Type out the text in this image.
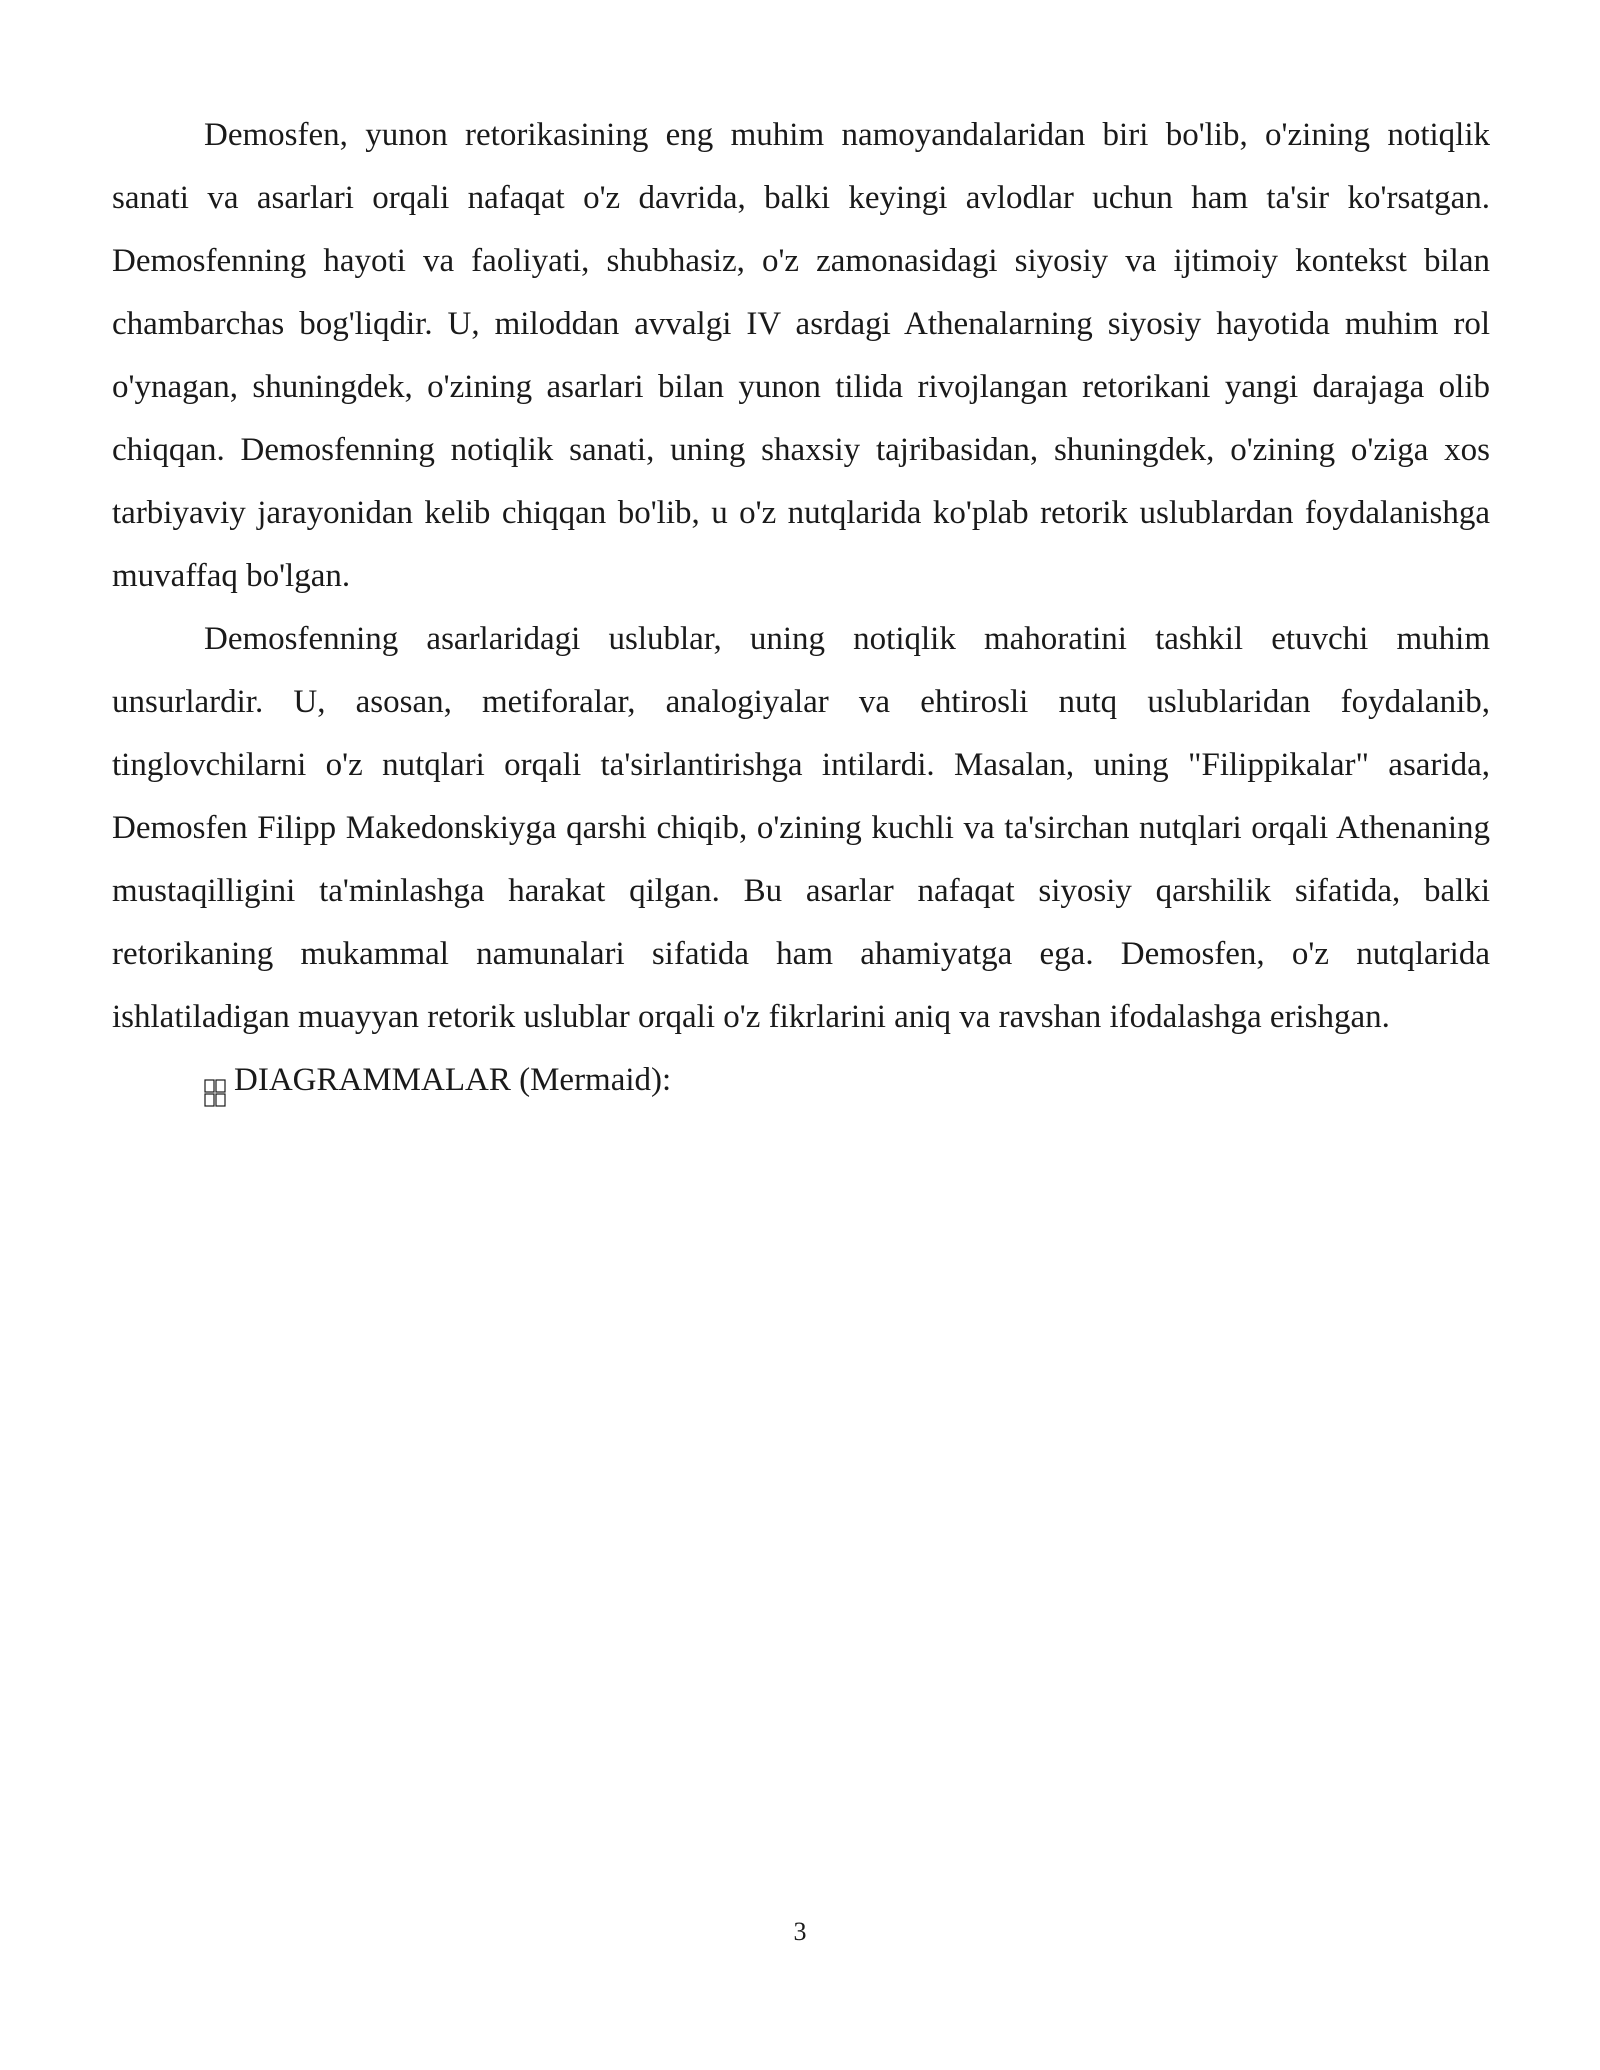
Demosfen, yunon retorikasining eng muhim namoyandalaridan biri bo'lib, o'zining notiqlik sanati va asarlari orqali nafaqat o'z davrida, balki keyingi avlodlar uchun ham ta'sir ko'rsatgan. Demosfenning hayoti va faoliyati, shubhasiz, o'z zamonasidagi siyosiy va ijtimoiy kontekst bilan chambarchas bog'liqdir. U, miloddan avvalgi IV asrdagi Athenalarning siyosiy hayotida muhim rol o'ynagan, shuningdek, o'zining asarlari bilan yunon tilida rivojlangan retorikani yangi darajaga olib chiqqan. Demosfenning notiqlik sanati, uning shaxsiy tajribasidan, shuningdek, o'zining o'ziga xos tarbiyaviy jarayonidan kelib chiqqan bo'lib, u o'z nutqlarida ko'plab retorik uslublardan foydalanishga muvaffaq bo'lgan.

Demosfenning asarlaridagi uslublar, uning notiqlik mahoratini tashkil etuvchi muhim unsurlardir. U, asosan, metiforalar, analogiyalar va ehtirosli nutq uslublaridan foydalanib, tinglovchilarni o'z nutqlari orqali ta'sirlantirishga intilardi. Masalan, uning "Filippikalar" asarida, Demosfen Filipp Makedonskiyga qarshi chiqib, o'zining kuchli va ta'sirchan nutqlari orqali Athenaning mustaqilligini ta'minlashga harakat qilgan. Bu asarlar nafaqat siyosiy qarshilik sifatida, balki retorikaning mukammal namunalari sifatida ham ahamiyatga ega. Demosfen, o'z nutqlarida ishlatiladigan muayyan retorik uslublar orqali o'z fikrlarini aniq va ravshan ifodalashga erishgan.

DIAGRAMMALAR (Mermaid):

3
